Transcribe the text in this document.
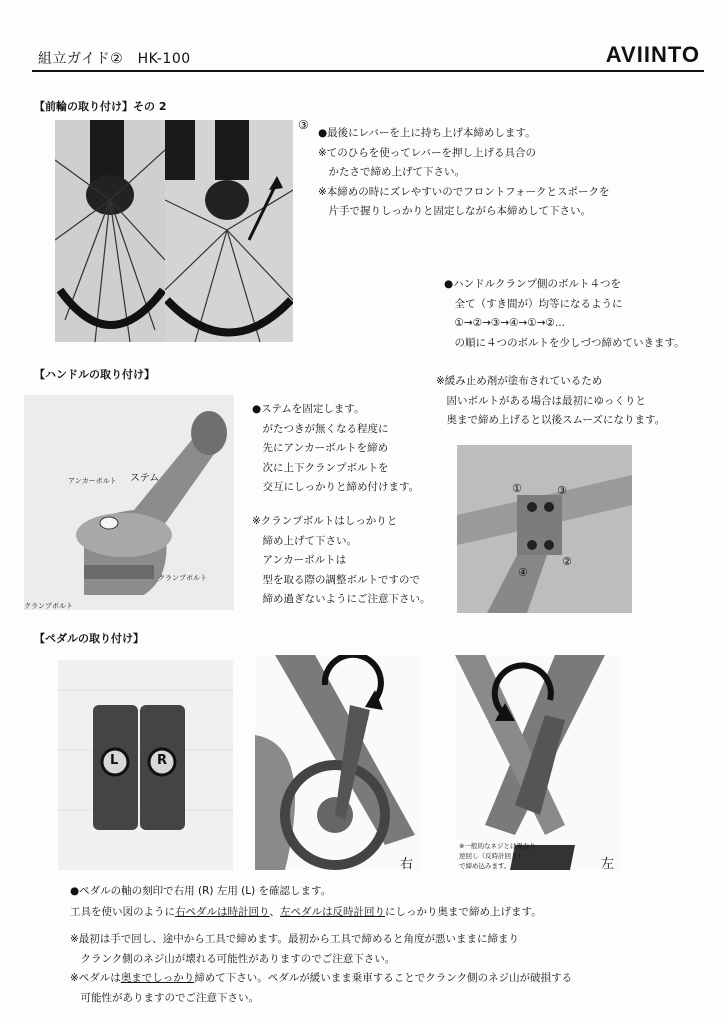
組立ガイド②　HK-100	AVIINTO
【前輪の取り付け】その 2
③
●最後にレバーを上に持ち上げ本締めします。
※てのひらを使ってレバーを押し上げる具合の
　かたさで締め上げて下さい。
※本締めの時にズレやすいのでフロントフォークとスポークを
　片手で握りしっかりと固定しながら本締めして下さい。
●ハンドルクランプ側のボルト４つを
　全て（すき間が）均等になるように
　①→②→③→④→①→②...
　の順に４つのボルトを少しづつ締めていきます。
※緩み止め剤が塗布されているため
　固いボルトがある場合は最初にゆっくりと
　奥まで締め上げると以後スムーズになります。
【ハンドルの取り付け】
アンカーボルト ステム
クランプボルト
クランプボルト
●ステムを固定します。
　がたつきが無くなる程度に
　先にアンカーボルトを締め
　次に上下クランプボルトを
　交互にしっかりと締め付けます。
※クランプボルトはしっかりと
　締め上げて下さい。
　アンカーボルトは
　型を取る際の調整ボルトですので
　締め過ぎないようにご注意下さい。
①	③
②
④
【ペダルの取り付け】
L	R
右
※一般的なネジとは異なり
逆回し（反時計回り）
で締め込みます。	左
●ペダルの軸の刻印で右用 (R) 左用 (L) を確認します。
工具を使い図のように右ペダルは時計回り、左ペダルは反時計回りにしっかり奥まで締め上げます。
※最初は手で回し、途中から工具で締めます。最初から工具で締めると角度が悪いままに締まり
　クランク側のネジ山が壊れる可能性がありますのでご注意下さい。
※ペダルは奥までしっかり締めて下さい。ペダルが緩いまま乗車することでクランク側のネジ山が破損する
　可能性がありますのでご注意下さい。
